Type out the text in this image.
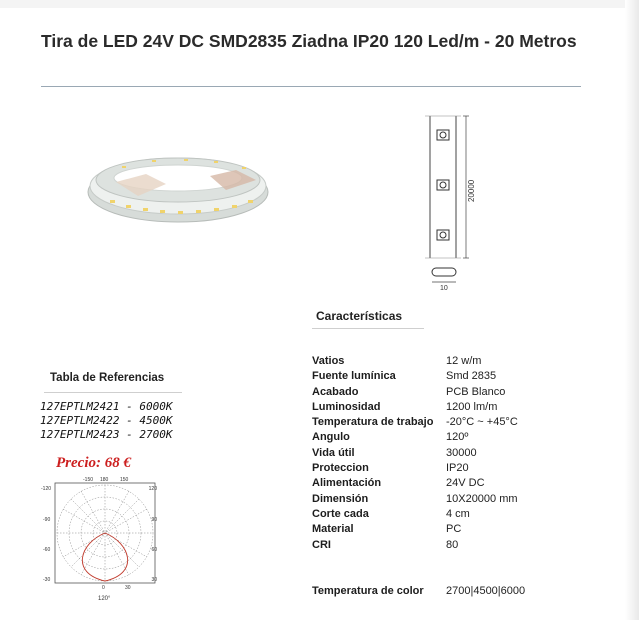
Tira de LED 24V DC SMD2835 Ziadna IP20 120 Led/m - 20 Metros
20000
10
Características
Vatios	12 w/m
Fuente lumínica	Smd 2835
Acabado	PCB Blanco
Luminosidad	1200 lm/m
Temperatura de trabajo	-20°C ~ +45°C
Angulo	120º
Vida útil	30000
Proteccion	IP20
Alimentación	24V DC
Dimensión	10X20000 mm
Corte cada	4 cm
Material	PC
CRI	80
Temperatura de color 2700|4500|6000
Tabla de Referencias
127EPTLM2421 - 6000K
127EPTLM2422 - 4500K
127EPTLM2423 - 2700K
Precio: 68 €
-150 180 150
-120
-90
-60
-30
120
90
60
30
0	30
120°
